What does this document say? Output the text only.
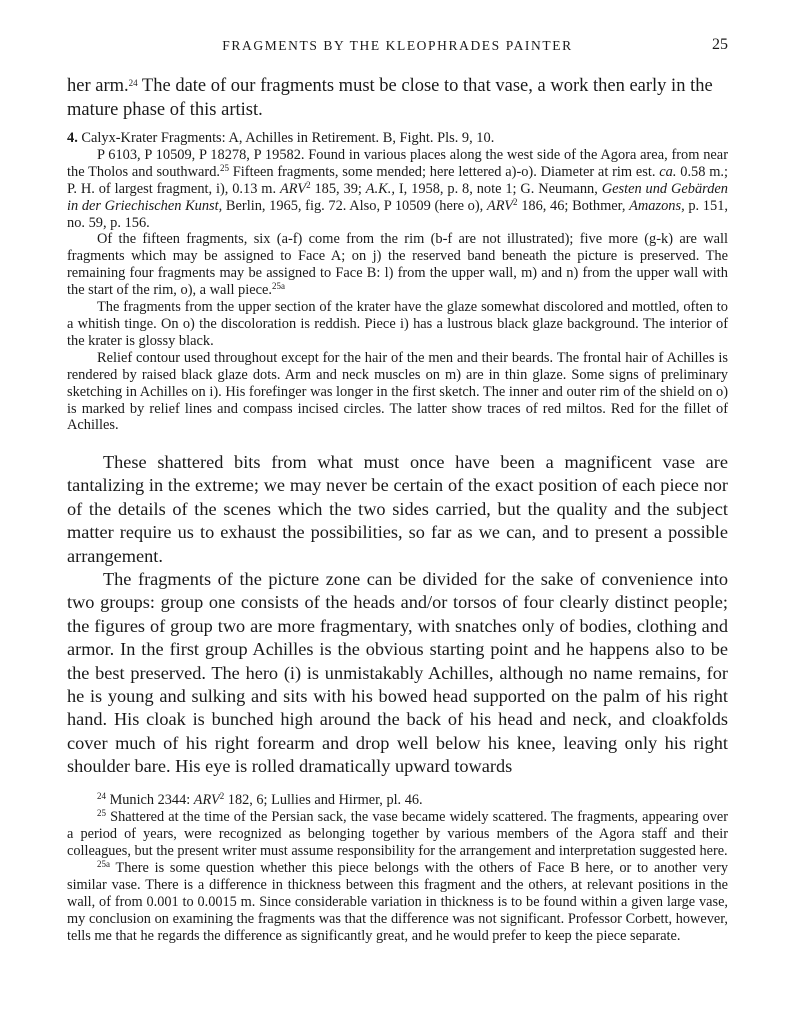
FRAGMENTS BY THE KLEOPHRADES PAINTER	25

her arm.$^{24}$ The date of our fragments must be close to that vase, a work then early in the mature phase of this artist.

4. Calyx-Krater Fragments: A, Achilles in Retirement. B, Fight. Pls. 9, 10.

P 6103, P 10509, P 18278, P 19582. Found in various places along the west side of the Agora area, from near the Tholos and southward.$^{25}$ Fifteen fragments, some mended; here lettered a)-o). Diameter at rim est. ca. 0.58 m.; P. H. of largest fragment, i), 0.13 m. ARV$^2$ 185, 39; A.K., I, 1958, p. 8, note 1; G. Neumann, Gesten und Gebärden in der Griechischen Kunst, Berlin, 1965, fig. 72. Also, P 10509 (here o), ARV$^2$ 186, 46; Bothmer, Amazons, p. 151, no. 59, p. 156.

Of the fifteen fragments, six (a-f) come from the rim (b-f are not illustrated); five more (g-k) are wall fragments which may be assigned to Face A; on j) the reserved band beneath the picture is preserved. The remaining four fragments may be assigned to Face B: l) from the upper wall, m) and n) from the upper wall with the start of the rim, o), a wall piece.$^{25a}$

The fragments from the upper section of the krater have the glaze somewhat discolored and mottled, often to a whitish tinge. On o) the discoloration is reddish. Piece i) has a lustrous black glaze background. The interior of the krater is glossy black.

Relief contour used throughout except for the hair of the men and their beards. The frontal hair of Achilles is rendered by raised black glaze dots. Arm and neck muscles on m) are in thin glaze. Some signs of preliminary sketching in Achilles on i). His forefinger was longer in the first sketch. The inner and outer rim of the shield on o) is marked by relief lines and compass incised circles. The latter show traces of red miltos. Red for the fillet of Achilles.

These shattered bits from what must once have been a magnificent vase are tantalizing in the extreme; we may never be certain of the exact position of each piece nor of the details of the scenes which the two sides carried, but the quality and the subject matter require us to exhaust the possibilities, so far as we can, and to present a possible arrangement.

The fragments of the picture zone can be divided for the sake of convenience into two groups: group one consists of the heads and/or torsos of four clearly distinct people; the figures of group two are more fragmentary, with snatches only of bodies, clothing and armor. In the first group Achilles is the obvious starting point and he happens also to be the best preserved. The hero (i) is unmistakably Achilles, although no name remains, for he is young and sulking and sits with his bowed head supported on the palm of his right hand. His cloak is bunched high around the back of his head and neck, and cloakfolds cover much of his right forearm and drop well below his knee, leaving only his right shoulder bare. His eye is rolled dramatically upward towards

$^{24}$ Munich 2344: ARV$^2$ 182, 6; Lullies and Hirmer, pl. 46.

$^{25}$ Shattered at the time of the Persian sack, the vase became widely scattered. The fragments, appearing over a period of years, were recognized as belonging together by various members of the Agora staff and their colleagues, but the present writer must assume responsibility for the arrangement and interpretation suggested here.

$^{25a}$ There is some question whether this piece belongs with the others of Face B here, or to another very similar vase. There is a difference in thickness between this fragment and the others, at relevant positions in the wall, of from 0.001 to 0.0015 m. Since considerable variation in thickness is to be found within a given large vase, my conclusion on examining the fragments was that the difference was not significant. Professor Corbett, however, tells me that he regards the difference as significantly great, and he would prefer to keep the piece separate.
